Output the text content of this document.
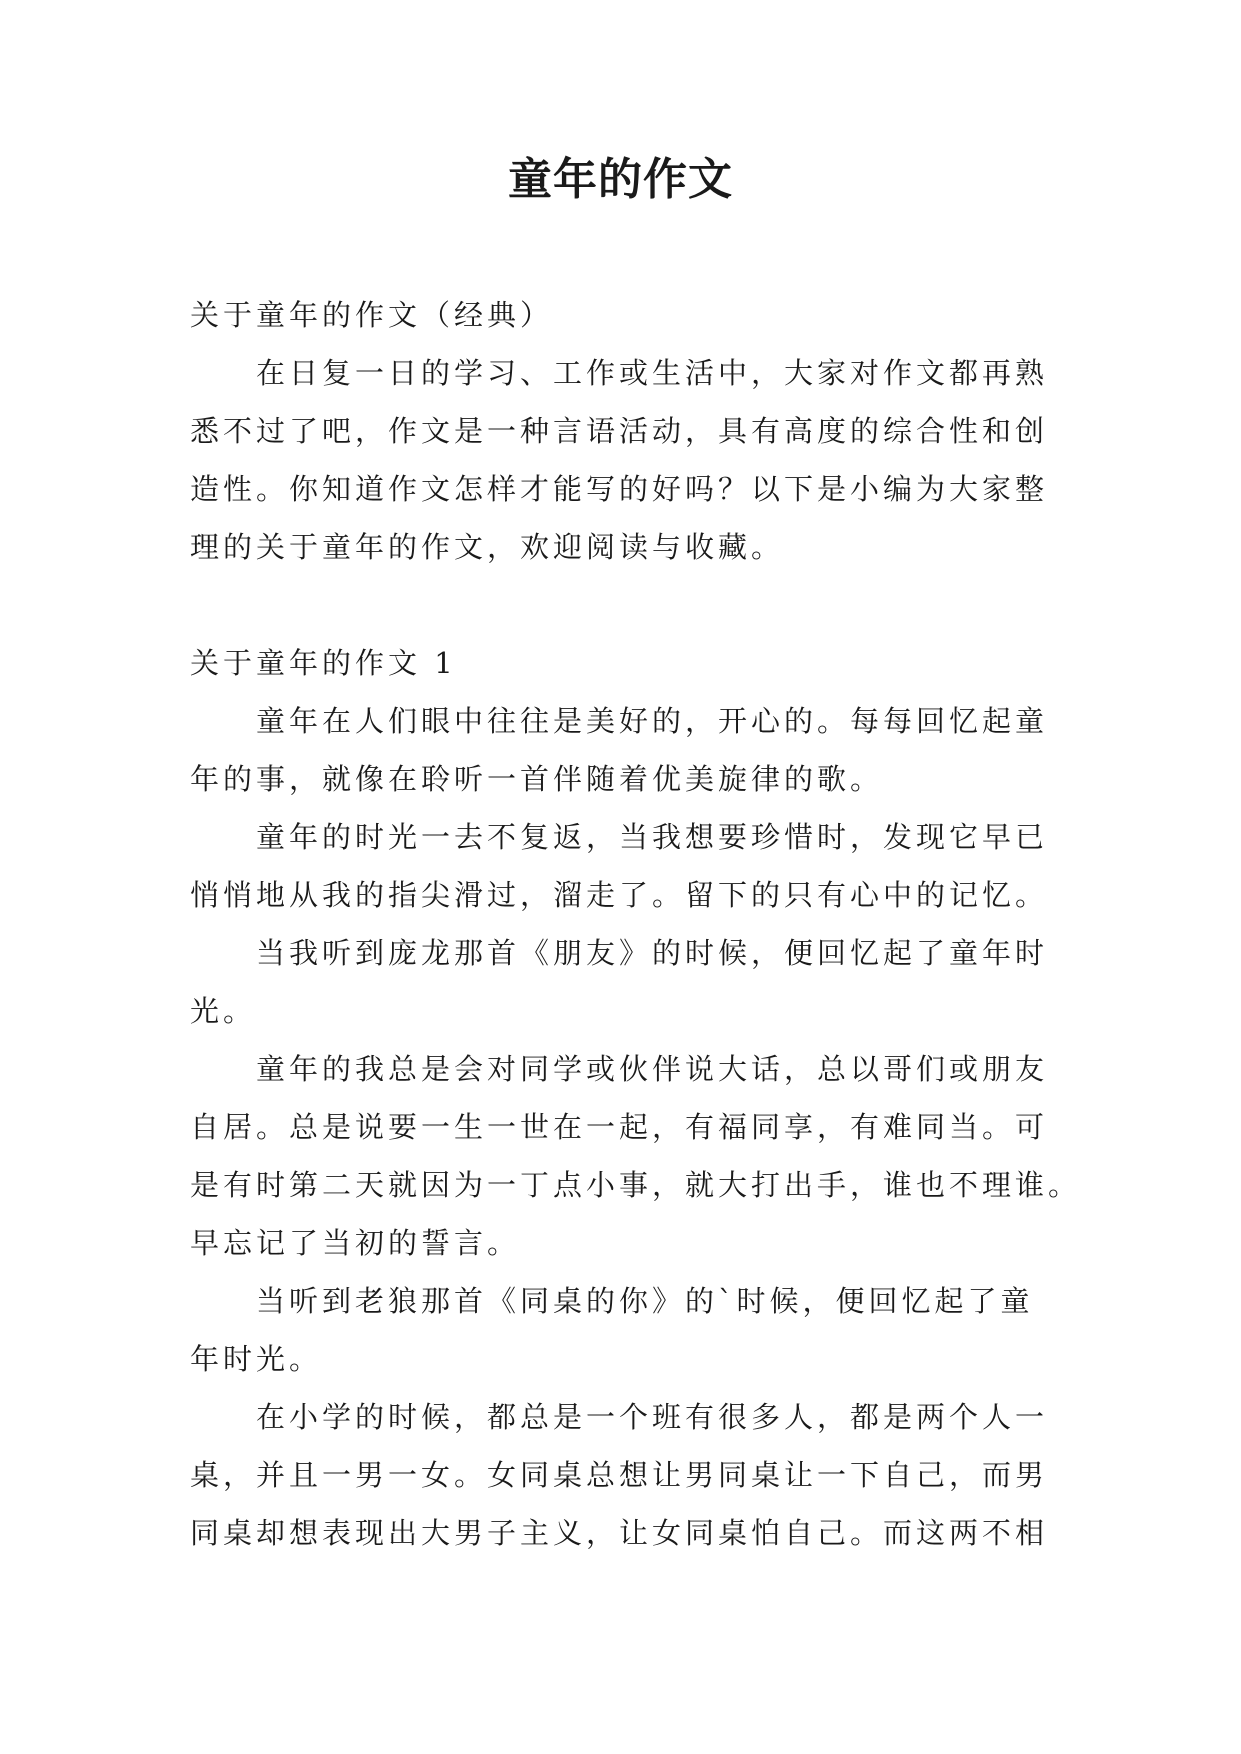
童年的作文
关于童年的作文（经典）
在日复一日的学习、工作或生活中，大家对作文都再熟
悉不过了吧，作文是一种言语活动，具有高度的综合性和创
造性。你知道作文怎样才能写的好吗？以下是小编为大家整
理的关于童年的作文，欢迎阅读与收藏。
关于童年的作文 1
童年在人们眼中往往是美好的，开心的。每每回忆起童
年的事，就像在聆听一首伴随着优美旋律的歌。
童年的时光一去不复返，当我想要珍惜时，发现它早已
悄悄地从我的指尖滑过，溜走了。留下的只有心中的记忆。
当我听到庞龙那首《朋友》的时候，便回忆起了童年时
光。
童年的我总是会对同学或伙伴说大话，总以哥们或朋友
自居。总是说要一生一世在一起，有福同享，有难同当。可
是有时第二天就因为一丁点小事，就大打出手，谁也不理谁。
早忘记了当初的誓言。
当听到老狼那首《同桌的你》的`时候，便回忆起了童
年时光。
在小学的时候，都总是一个班有很多人，都是两个人一
桌，并且一男一女。女同桌总想让男同桌让一下自己，而男
同桌却想表现出大男子主义，让女同桌怕自己。而这两不相
